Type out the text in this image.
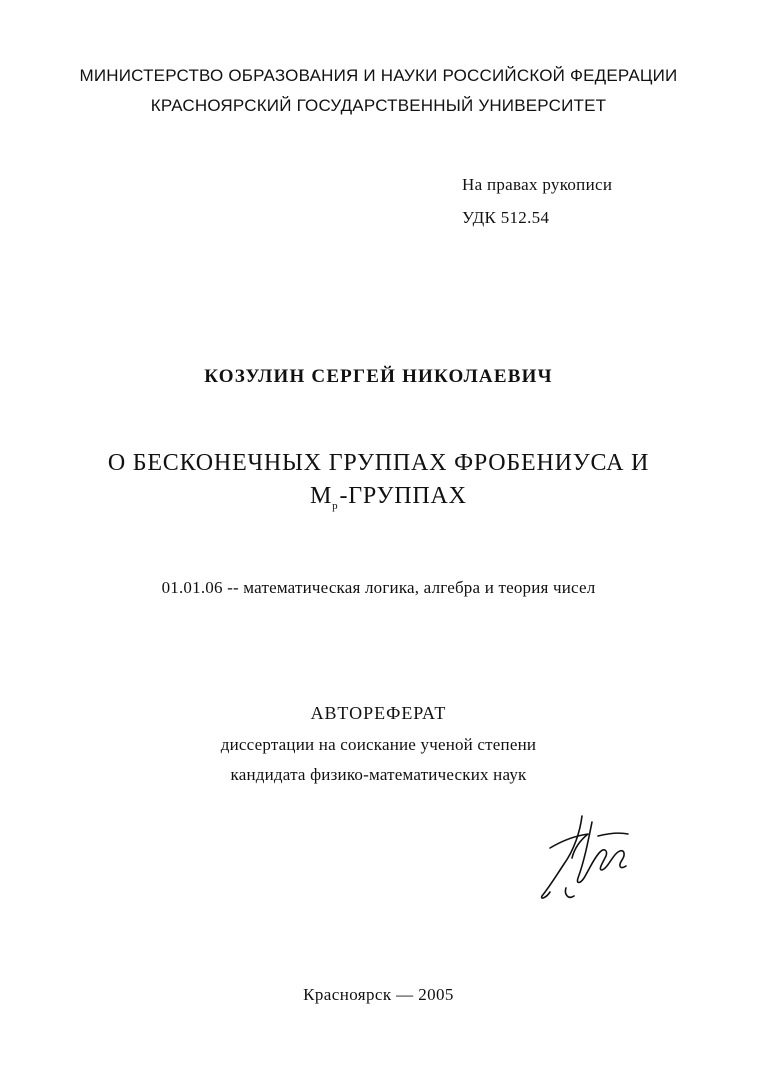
МИНИСТЕРСТВО ОБРАЗОВАНИЯ И НАУКИ РОССИЙСКОЙ ФЕДЕРАЦИИ
КРАСНОЯРСКИЙ ГОСУДАРСТВЕННЫЙ УНИВЕРСИТЕТ
На правах рукописи
УДК 512.54
КОЗУЛИН СЕРГЕЙ НИКОЛАЕВИЧ
О БЕСКОНЕЧНЫХ ГРУППАХ ФРОБЕНИУСА И
$M_p$-ГРУППАХ
01.01.06 -- математическая логика, алгебра и теория чисел
АВТОРЕФЕРАТ
диссертации на соискание ученой степени
кандидата физико-математических наук
Красноярск — 2005
